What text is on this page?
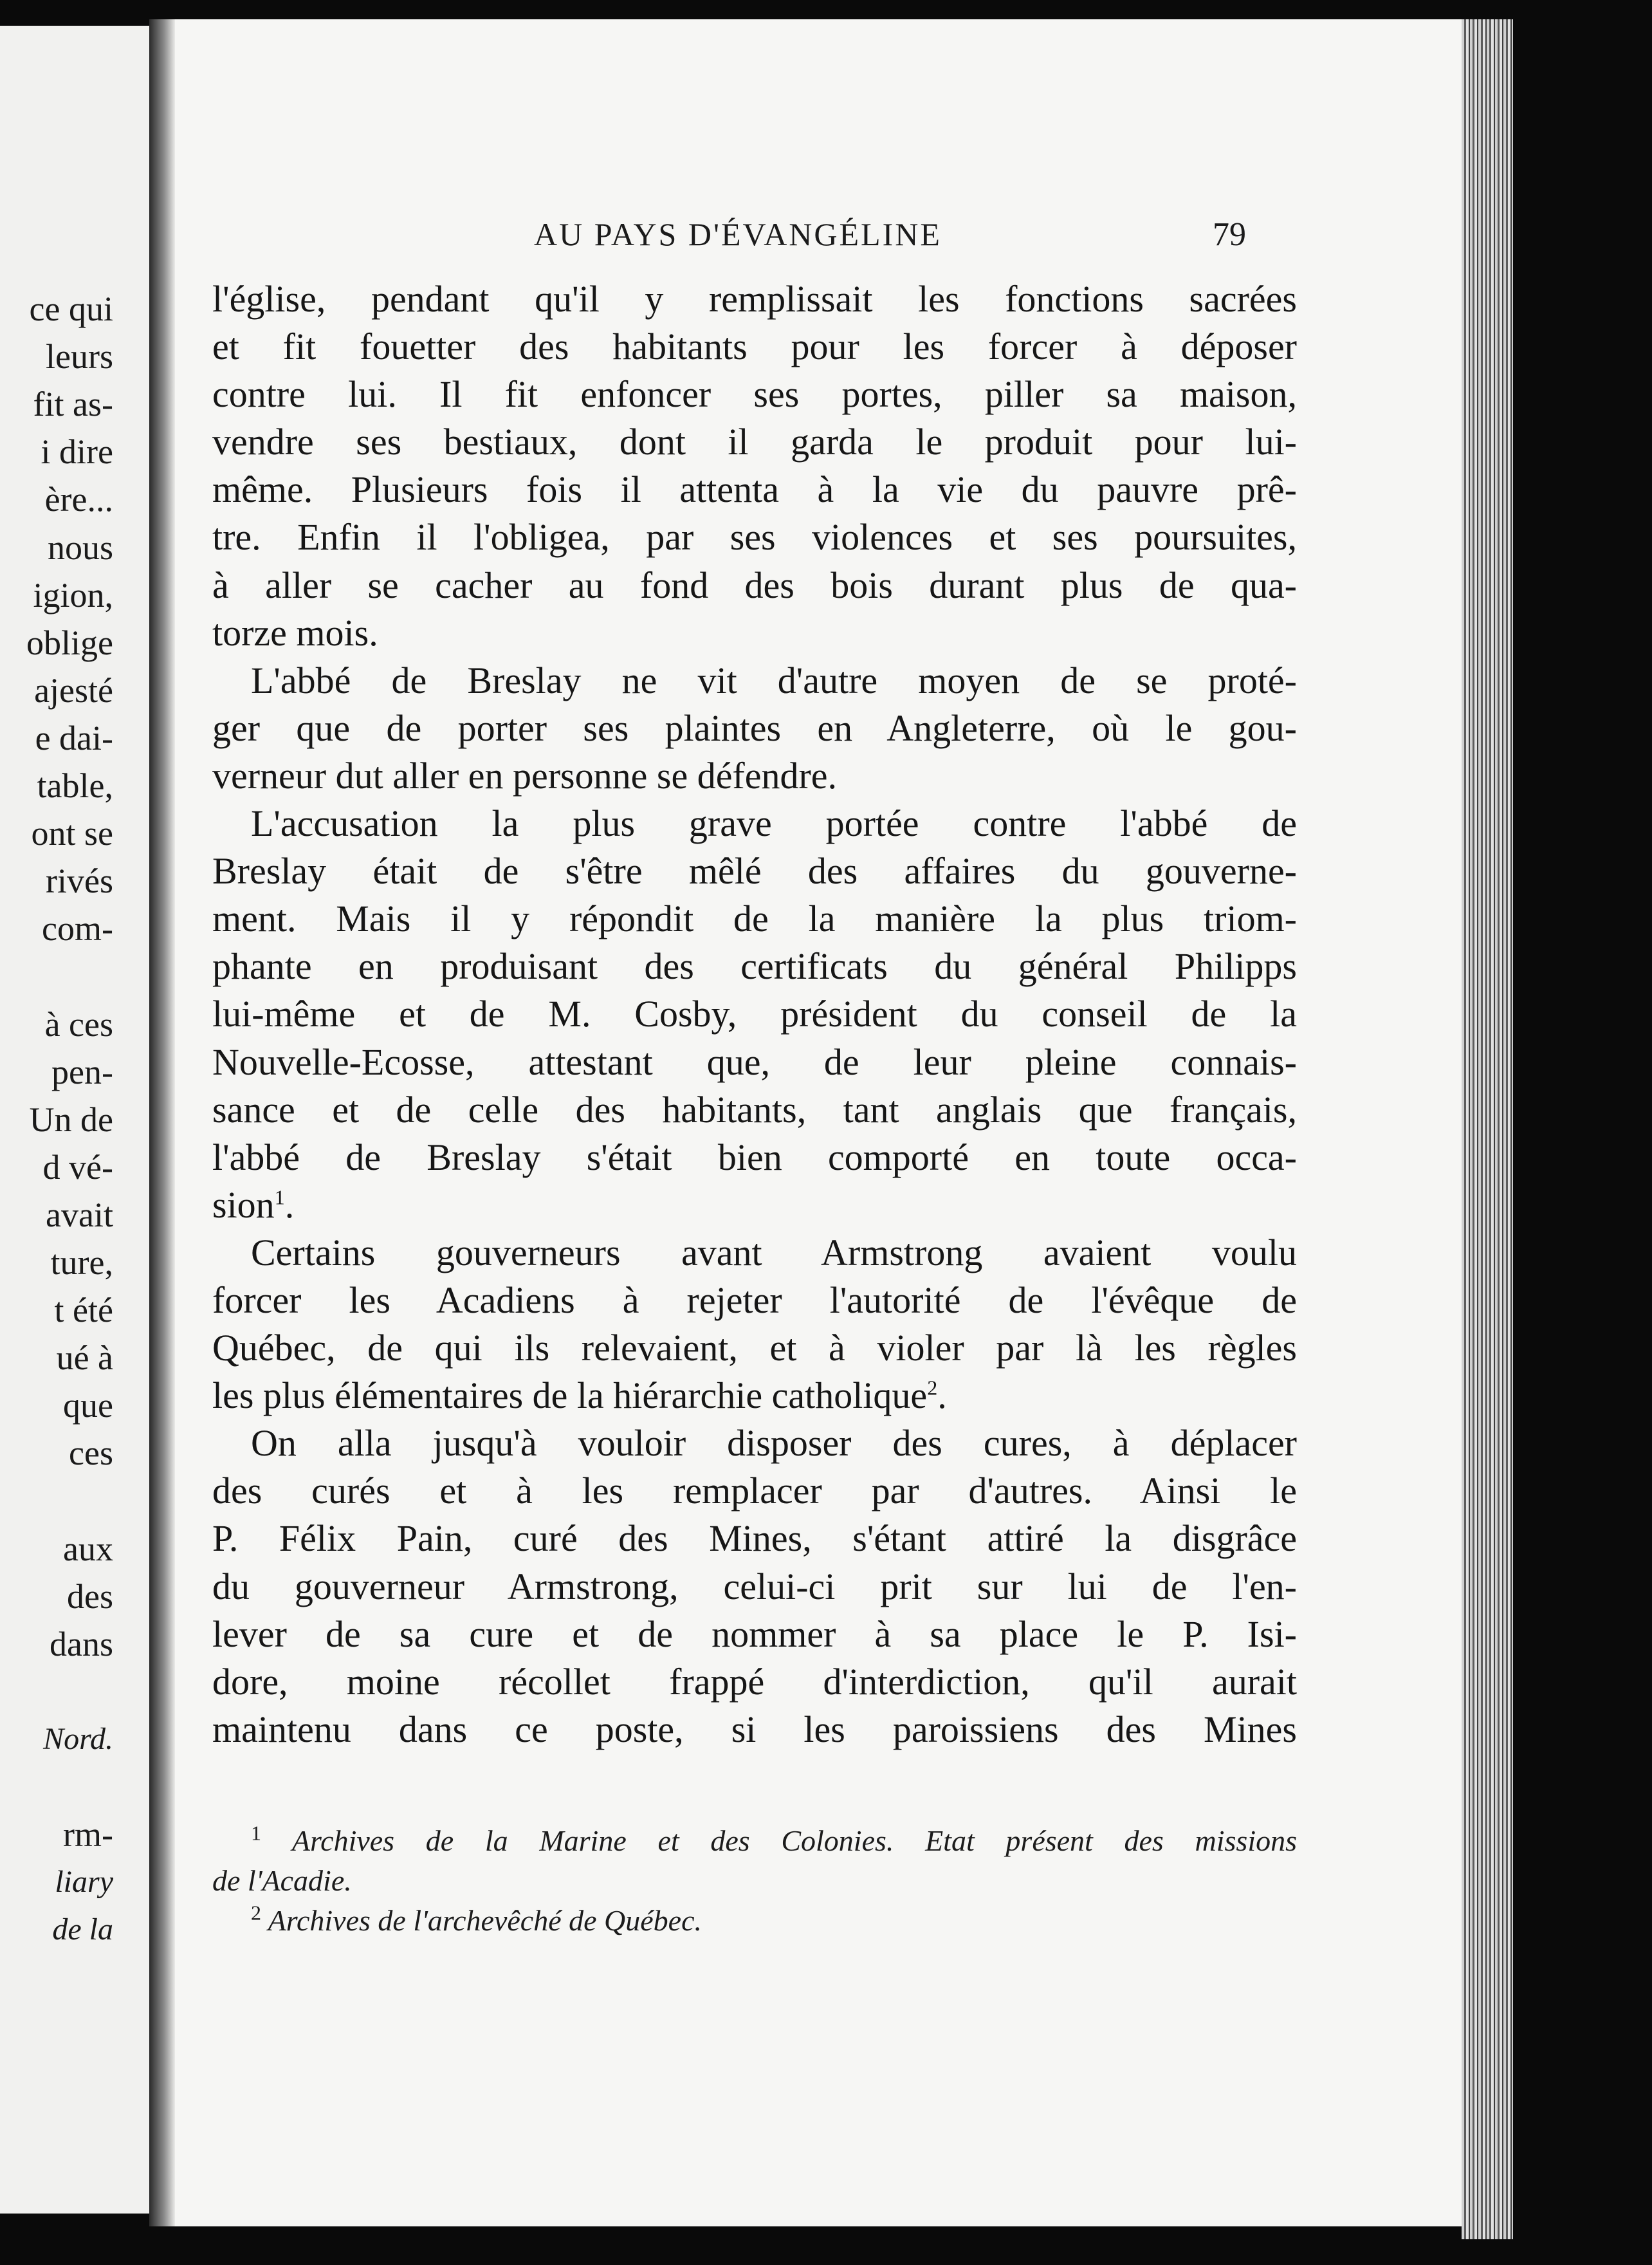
ce qui
leurs
fit as-
i dire
ère...
nous
igion,
oblige
ajesté
e dai-
table,
ont se
rivés
com-
à ces
pen-
Un de
d vé-
avait
ture,
t été
ué à
que
ces
aux
des
dans
Nord.
rm-
liary
de la
AU PAYS D'ÉVANGÉLINE	79
l'église, pendant qu'il y remplissait les fonctions sacrées
et fit fouetter des habitants pour les forcer à déposer
contre lui. Il fit enfoncer ses portes, piller sa maison,
vendre ses bestiaux, dont il garda le produit pour lui-
même. Plusieurs fois il attenta à la vie du pauvre prê-
tre. Enfin il l'obligea, par ses violences et ses poursuites,
à aller se cacher au fond des bois durant plus de qua-
torze mois.
L'abbé de Breslay ne vit d'autre moyen de se proté-
ger que de porter ses plaintes en Angleterre, où le gou-
verneur dut aller en personne se défendre.
L'accusation la plus grave portée contre l'abbé de
Breslay était de s'être mêlé des affaires du gouverne-
ment. Mais il y répondit de la manière la plus triom-
phante en produisant des certificats du général Philipps
lui-même et de M. Cosby, président du conseil de la
Nouvelle-Ecosse, attestant que, de leur pleine connais-
sance et de celle des habitants, tant anglais que français,
l'abbé de Breslay s'était bien comporté en toute occa-
sion$^1$.
Certains gouverneurs avant Armstrong avaient voulu
forcer les Acadiens à rejeter l'autorité de l'évêque de
Québec, de qui ils relevaient, et à violer par là les règles
les plus élémentaires de la hiérarchie catholique$^2$.
On alla jusqu'à vouloir disposer des cures, à déplacer
des curés et à les remplacer par d'autres. Ainsi le
P. Félix Pain, curé des Mines, s'étant attiré la disgrâce
du gouverneur Armstrong, celui-ci prit sur lui de l'en-
lever de sa cure et de nommer à sa place le P. Isi-
dore, moine récollet frappé d'interdiction, qu'il aurait
maintenu dans ce poste, si les paroissiens des Mines
$^1$ Archives de la Marine et des Colonies. Etat présent des missions
de l'Acadie.
$^2$ Archives de l'archevêché de Québec.
